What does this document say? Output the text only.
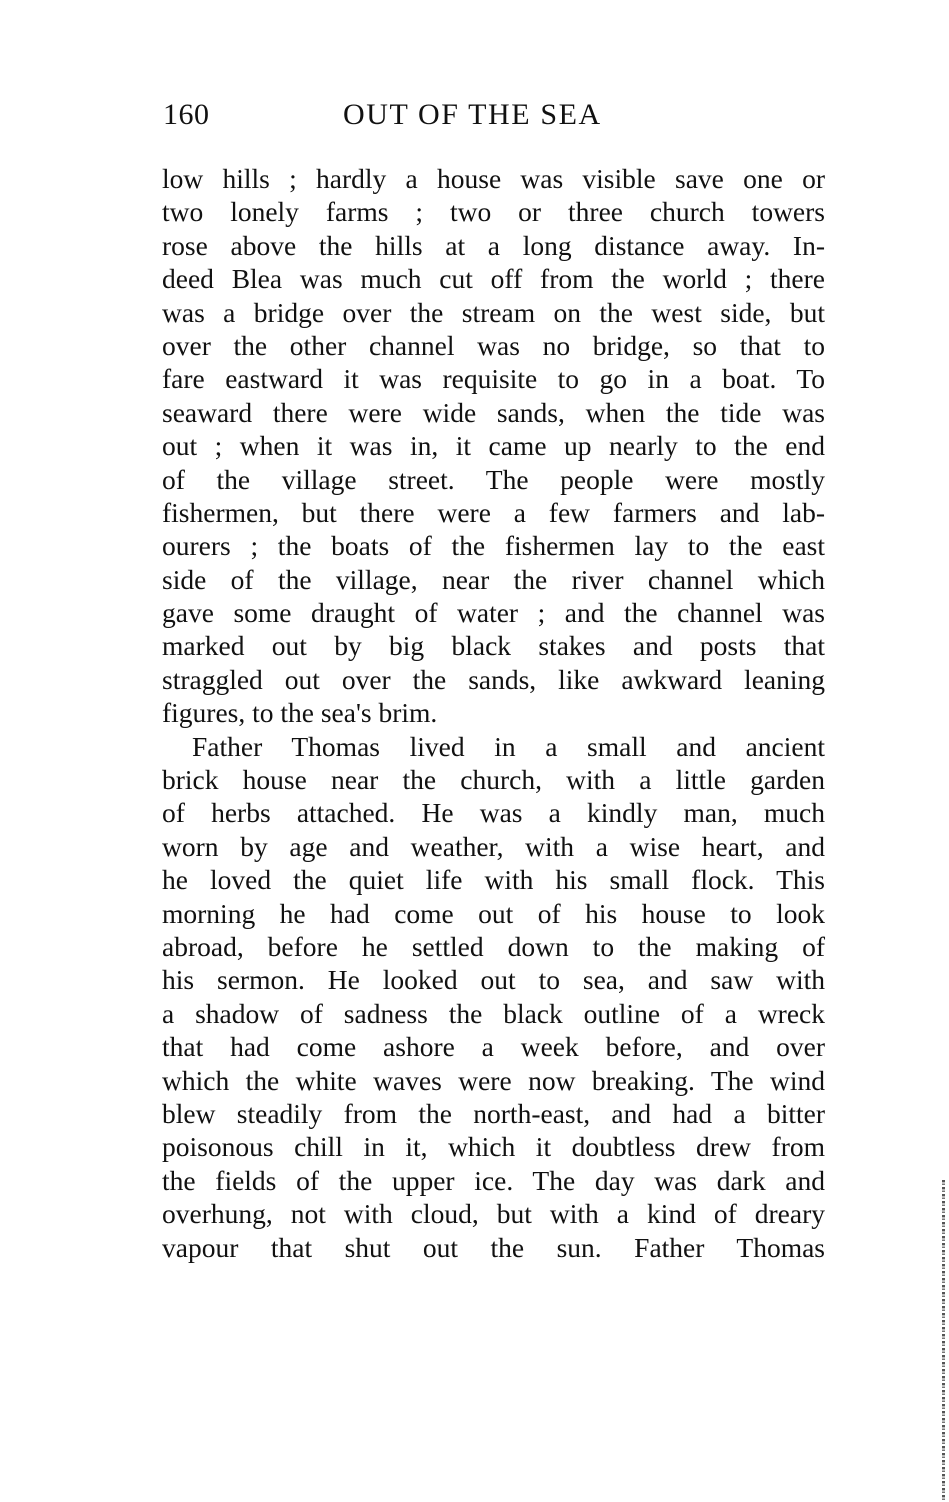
160	OUT OF THE SEA
low hills ; hardly a house was visible save one or
two lonely farms ; two or three church towers
rose above the hills at a long distance away. In-
deed Blea was much cut off from the world ; there
was a bridge over the stream on the west side, but
over the other channel was no bridge, so that to
fare eastward it was requisite to go in a boat. To
seaward there were wide sands, when the tide was
out ; when it was in, it came up nearly to the end
of the village street. The people were mostly
fishermen, but there were a few farmers and lab-
ourers ; the boats of the fishermen lay to the east
side of the village, near the river channel which
gave some draught of water ; and the channel was
marked out by big black stakes and posts that
straggled out over the sands, like awkward leaning
figures, to the sea's brim.
Father Thomas lived in a small and ancient
brick house near the church, with a little garden
of herbs attached. He was a kindly man, much
worn by age and weather, with a wise heart, and
he loved the quiet life with his small flock. This
morning he had come out of his house to look
abroad, before he settled down to the making of
his sermon. He looked out to sea, and saw with
a shadow of sadness the black outline of a wreck
that had come ashore a week before, and over
which the white waves were now breaking. The wind
blew steadily from the north-east, and had a bitter
poisonous chill in it, which it doubtless drew from
the fields of the upper ice. The day was dark and
overhung, not with cloud, but with a kind of dreary
vapour that shut out the sun. Father Thomas
